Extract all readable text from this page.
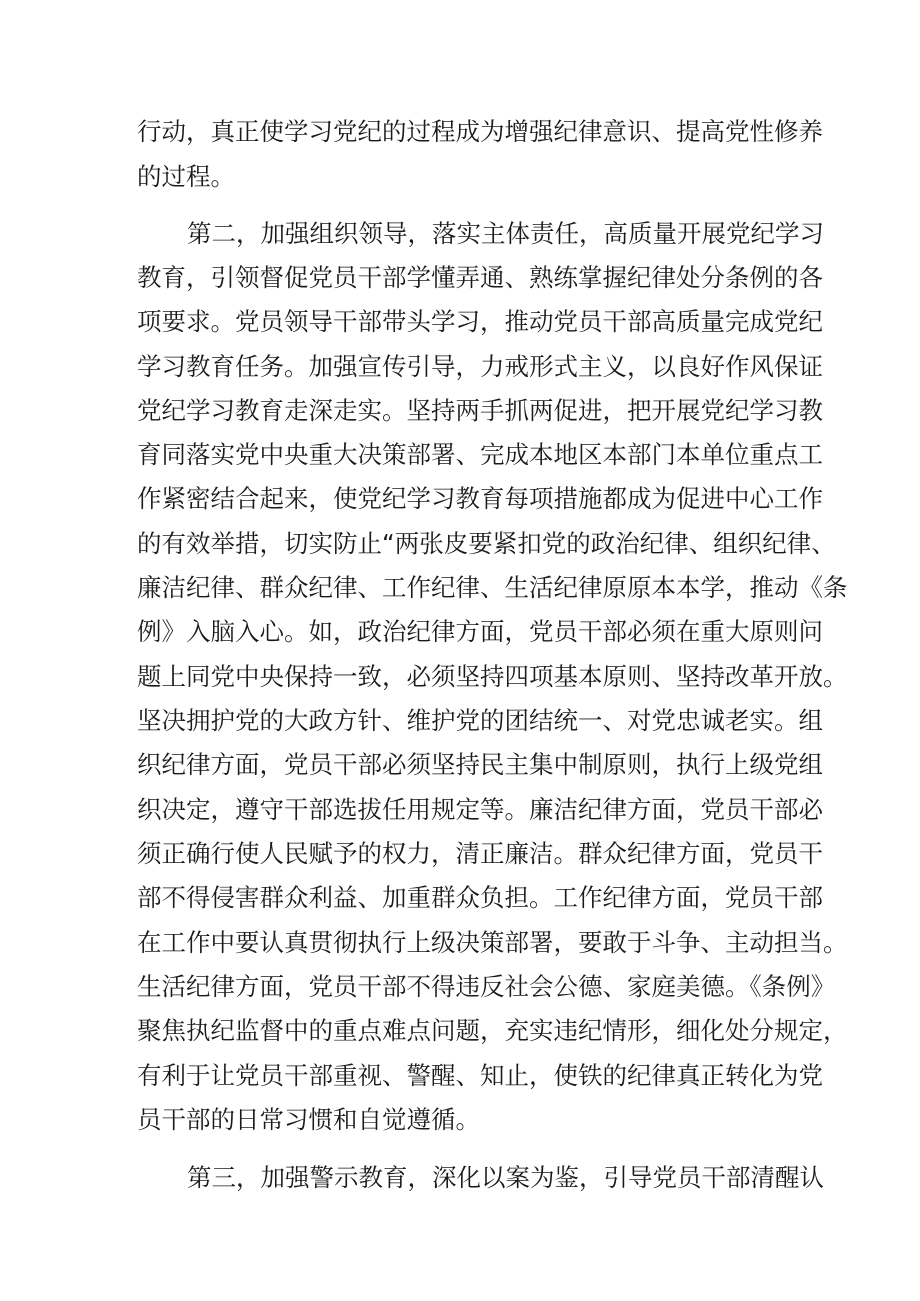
行动，真正使学习党纪的过程成为增强纪律意识、提高党性修养
的过程。
第二，加强组织领导，落实主体责任，高质量开展党纪学习
教育，引领督促党员干部学懂弄通、熟练掌握纪律处分条例的各
项要求。党员领导干部带头学习，推动党员干部高质量完成党纪
学习教育任务。加强宣传引导，力戒形式主义，以良好作风保证
党纪学习教育走深走实。坚持两手抓两促进，把开展党纪学习教
育同落实党中央重大决策部署、完成本地区本部门本单位重点工
作紧密结合起来，使党纪学习教育每项措施都成为促进中心工作
的有效举措，切实防止“两张皮要紧扣党的政治纪律、组织纪律、
廉洁纪律、群众纪律、工作纪律、生活纪律原原本本学，推动《条
例》入脑入心。如，政治纪律方面，党员干部必须在重大原则问
题上同党中央保持一致，必须坚持四项基本原则、坚持改革开放。
坚决拥护党的大政方针、维护党的团结统一、对党忠诚老实。组
织纪律方面，党员干部必须坚持民主集中制原则，执行上级党组
织决定，遵守干部选拔任用规定等。廉洁纪律方面，党员干部必
须正确行使人民赋予的权力，清正廉洁。群众纪律方面，党员干
部不得侵害群众利益、加重群众负担。工作纪律方面，党员干部
在工作中要认真贯彻执行上级决策部署，要敢于斗争、主动担当。
生活纪律方面，党员干部不得违反社会公德、家庭美德。《条例》
聚焦执纪监督中的重点难点问题，充实违纪情形，细化处分规定，
有利于让党员干部重视、警醒、知止，使铁的纪律真正转化为党
员干部的日常习惯和自觉遵循。
第三，加强警示教育，深化以案为鉴，引导党员干部清醒认
